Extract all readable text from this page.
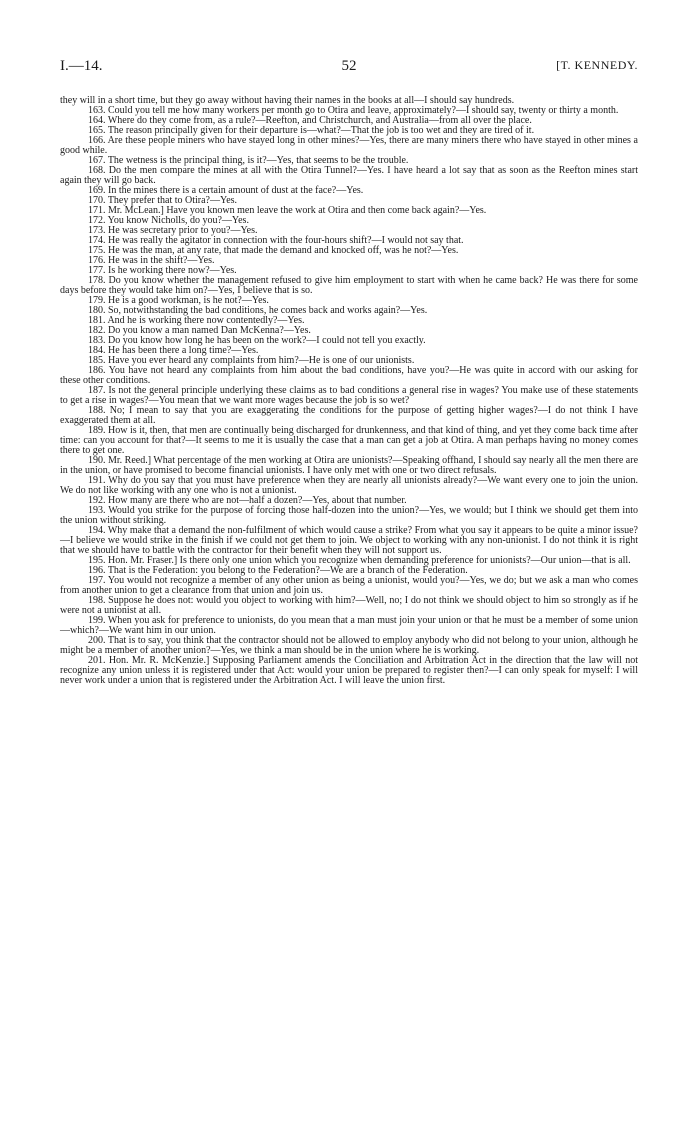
I.—14.	52	[T. KENNEDY.

they will in a short time, but they go away without having their names in the books at all—I should say hundreds.

163. Could you tell me how many workers per month go to Otira and leave, approximately?—I should say, twenty or thirty a month.

164. Where do they come from, as a rule?—Reefton, and Christchurch, and Australia—from all over the place.

165. The reason principally given for their departure is—what?—That the job is too wet and they are tired of it.

166. Are these people miners who have stayed long in other mines?—Yes, there are many miners there who have stayed in other mines a good while.

167. The wetness is the principal thing, is it?—Yes, that seems to be the trouble.

168. Do the men compare the mines at all with the Otira Tunnel?—Yes. I have heard a lot say that as soon as the Reefton mines start again they will go back.

169. In the mines there is a certain amount of dust at the face?—Yes.

170. They prefer that to Otira?—Yes.

171. Mr. McLean.] Have you known men leave the work at Otira and then come back again?—Yes.

172. You know Nicholls, do you?—Yes.

173. He was secretary prior to you?—Yes.

174. He was really the agitator in connection with the four-hours shift?—I would not say that.

175. He was the man, at any rate, that made the demand and knocked off, was he not?—Yes.

176. He was in the shift?—Yes.

177. Is he working there now?—Yes.

178. Do you know whether the management refused to give him employment to start with when he came back? He was there for some days before they would take him on?—Yes, I believe that is so.

179. He is a good workman, is he not?—Yes.

180. So, notwithstanding the bad conditions, he comes back and works again?—Yes.

181. And he is working there now contentedly?—Yes.

182. Do you know a man named Dan McKenna?—Yes.

183. Do you know how long he has been on the work?—I could not tell you exactly.

184. He has been there a long time?—Yes.

185. Have you ever heard any complaints from him?—He is one of our unionists.

186. You have not heard any complaints from him about the bad conditions, have you?—He was quite in accord with our asking for these other conditions.

187. Is not the general principle underlying these claims as to bad conditions a general rise in wages? You make use of these statements to get a rise in wages?—You mean that we want more wages because the job is so wet?

188. No; I mean to say that you are exaggerating the conditions for the purpose of getting higher wages?—I do not think I have exaggerated them at all.

189. How is it, then, that men are continually being discharged for drunkenness, and that kind of thing, and yet they come back time after time: can you account for that?—It seems to me it is usually the case that a man can get a job at Otira. A man perhaps having no money comes there to get one.

190. Mr. Reed.] What percentage of the men working at Otira are unionists?—Speaking offhand, I should say nearly all the men there are in the union, or have promised to become financial unionists. I have only met with one or two direct refusals.

191. Why do you say that you must have preference when they are nearly all unionists already?—We want every one to join the union. We do not like working with any one who is not a unionist.

192. How many are there who are not—half a dozen?—Yes, about that number.

193. Would you strike for the purpose of forcing those half-dozen into the union?—Yes, we would; but I think we should get them into the union without striking.

194. Why make that a demand the non-fulfilment of which would cause a strike? From what you say it appears to be quite a minor issue?—I believe we would strike in the finish if we could not get them to join. We object to working with any non-unionist. I do not think it is right that we should have to battle with the contractor for their benefit when they will not support us.

195. Hon. Mr. Fraser.] Is there only one union which you recognize when demanding preference for unionists?—Our union—that is all.

196. That is the Federation: you belong to the Federation?—We are a branch of the Federation.

197. You would not recognize a member of any other union as being a unionist, would you?—Yes, we do; but we ask a man who comes from another union to get a clearance from that union and join us.

198. Suppose he does not: would you object to working with him?—Well, no; I do not think we should object to him so strongly as if he were not a unionist at all.

199. When you ask for preference to unionists, do you mean that a man must join your union or that he must be a member of some union—which?—We want him in our union.

200. That is to say, you think that the contractor should not be allowed to employ anybody who did not belong to your union, although he might be a member of another union?—Yes, we think a man should be in the union where he is working.

201. Hon. Mr. R. McKenzie.] Supposing Parliament amends the Conciliation and Arbitration Act in the direction that the law will not recognize any union unless it is registered under that Act: would your union be prepared to register then?—I can only speak for myself: I will never work under a union that is registered under the Arbitration Act. I will leave the union first.
